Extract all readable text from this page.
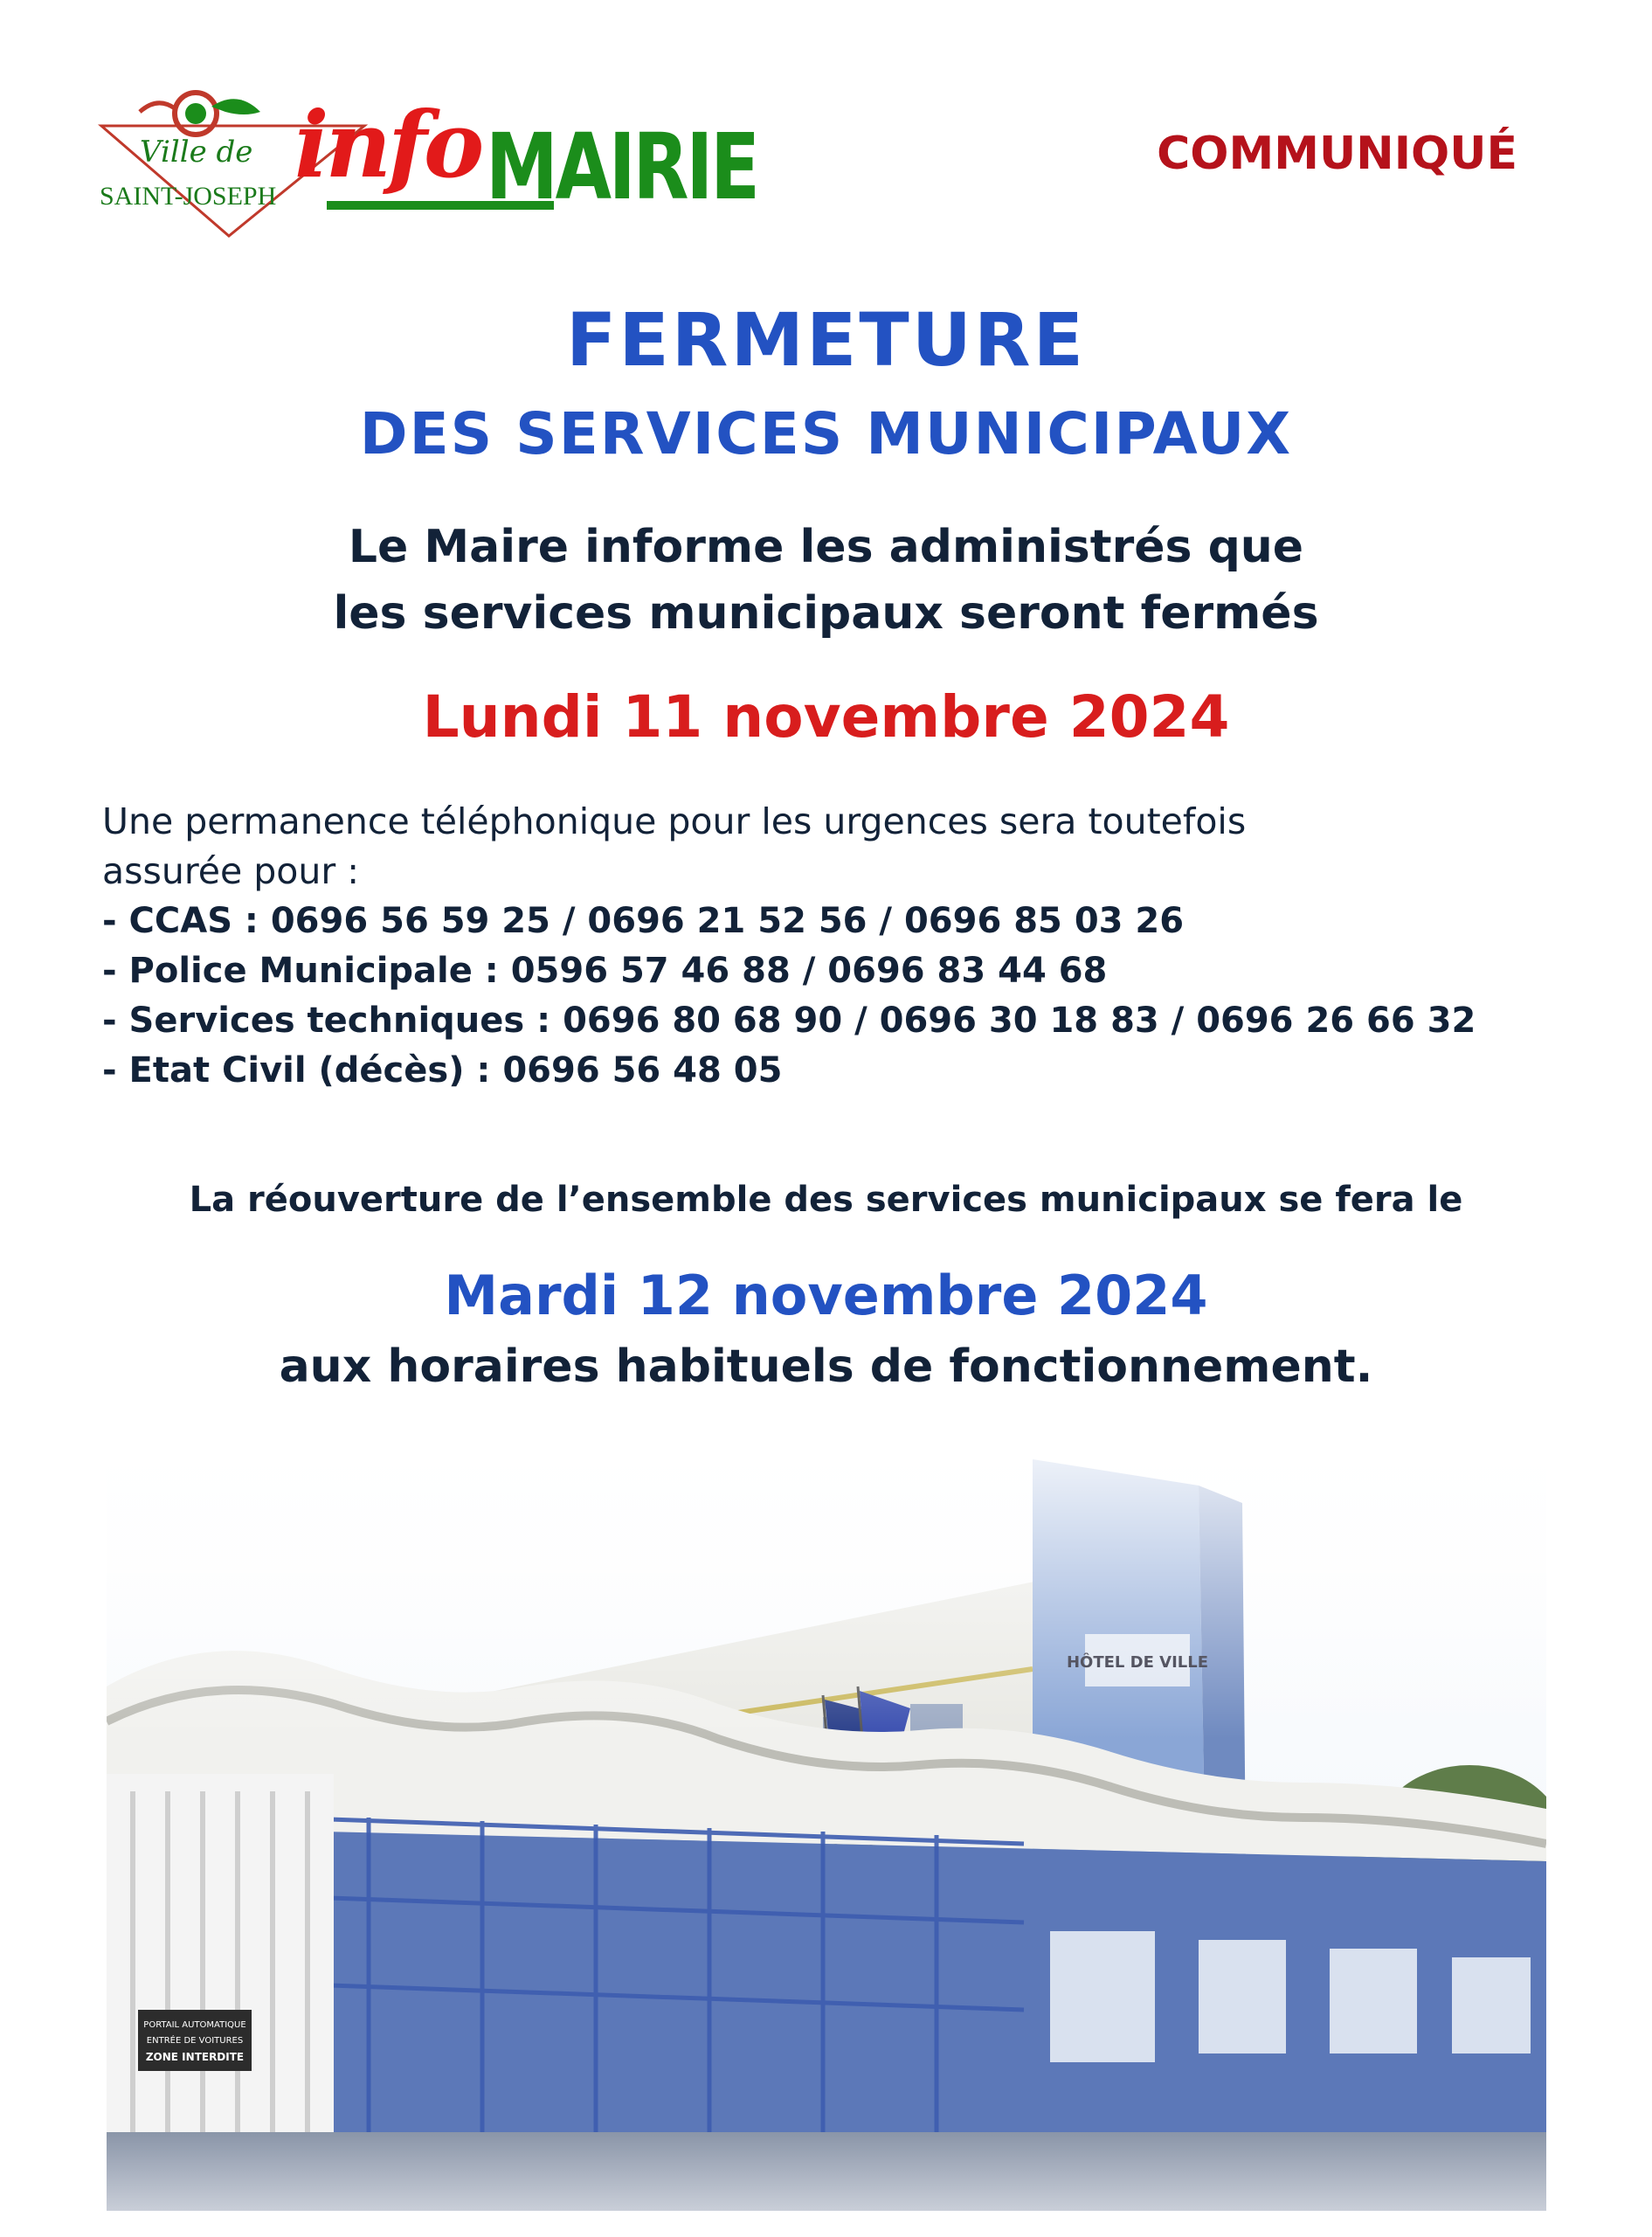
Ville de
SAINT-JOSEPH info MAIRIE	COMMUNIQUÉ
FERMETURE
DES SERVICES MUNICIPAUX
Le Maire informe les administrés que
les services municipaux seront fermés
Lundi 11 novembre 2024
Une permanence téléphonique pour les urgences sera toutefois
assurée pour :
- CCAS : 0696 56 59 25 / 0696 21 52 56 / 0696 85 03 26
- Police Municipale : 0596 57 46 88 / 0696 83 44 68
- Services techniques : 0696 80 68 90 / 0696 30 18 83 / 0696 26 66 32
- Etat Civil (décès) : 0696 56 48 05
La réouverture de l’ensemble des services municipaux se fera le
Mardi 12 novembre 2024
aux horaires habituels de fonctionnement.
PORTAIL AUTOMATIQUE
ENTRÉE DE VOITURES
ZONE INTERDITE
